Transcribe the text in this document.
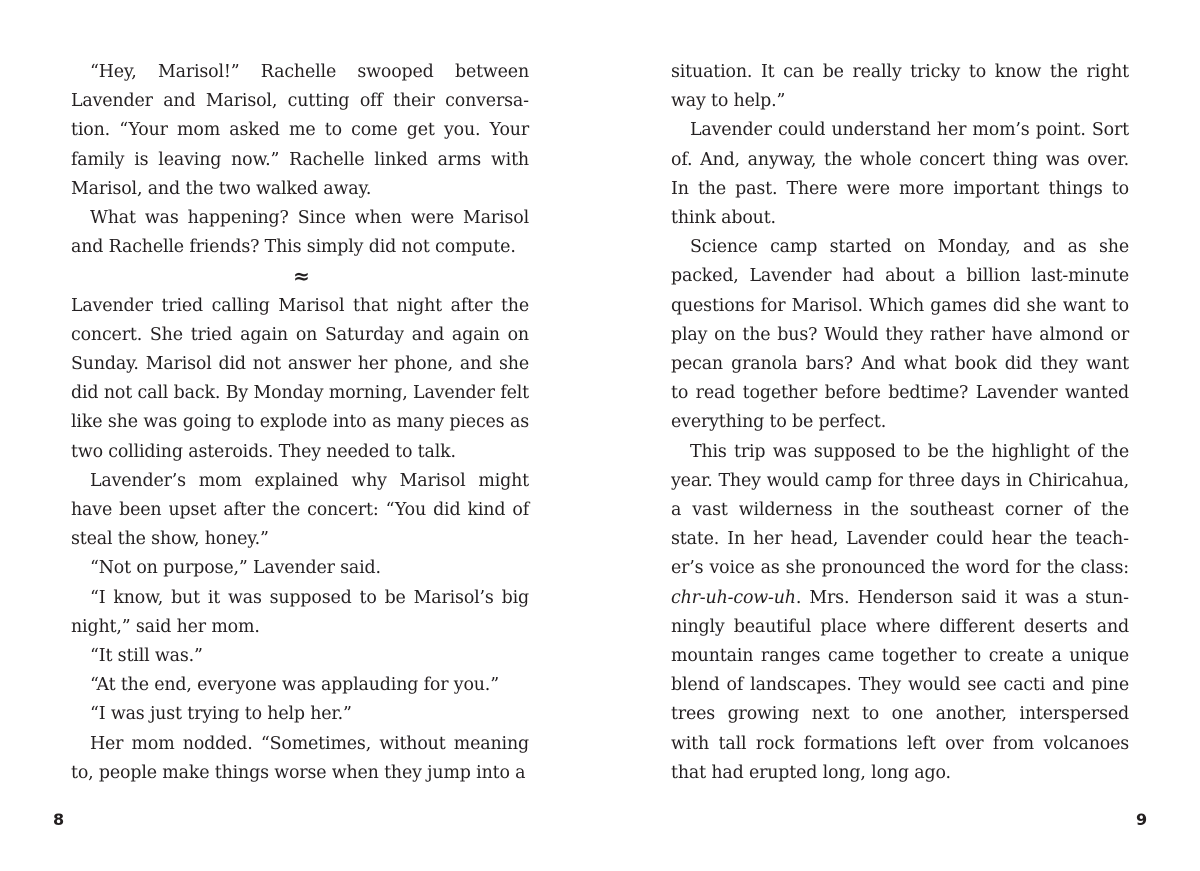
“Hey, Marisol!” Rachelle swooped between Lavender and Marisol, cutting off their conversation. “Your mom asked me to come get you. Your family is leaving now.” Rachelle linked arms with Marisol, and the two walked away.

What was happening? Since when were Marisol and Rachelle friends? This simply did not compute.

≈

Lavender tried calling Marisol that night after the concert. She tried again on Saturday and again on Sunday. Marisol did not answer her phone, and she did not call back. By Monday morning, Lavender felt like she was going to explode into as many pieces as two colliding asteroids. They needed to talk.

Lavender’s mom explained why Marisol might have been upset after the concert: “You did kind of steal the show, honey.”

“Not on purpose,” Lavender said.

“I know, but it was supposed to be Marisol’s big night,” said her mom.

“It still was.”

“At the end, everyone was applauding for you.”

“I was just trying to help her.”

Her mom nodded. “Sometimes, without meaning to, people make things worse when they jump into a

situation. It can be really tricky to know the right way to help.”

Lavender could understand her mom’s point. Sort of. And, anyway, the whole concert thing was over. In the past. There were more important things to think about.

Science camp started on Monday, and as she packed, Lavender had about a billion last-minute questions for Marisol. Which games did she want to play on the bus? Would they rather have almond or pecan granola bars? And what book did they want to read together before bedtime? Lavender wanted everything to be perfect.

This trip was supposed to be the highlight of the year. They would camp for three days in Chiricahua, a vast wilderness in the southeast corner of the state. In her head, Lavender could hear the teacher’s voice as she pronounced the word for the class: chr-uh-cow-uh. Mrs. Henderson said it was a stunningly beautiful place where different deserts and mountain ranges came together to create a unique blend of landscapes. They would see cacti and pine trees growing next to one another, interspersed with tall rock formations left over from volcanoes that had erupted long, long ago.

8	9
